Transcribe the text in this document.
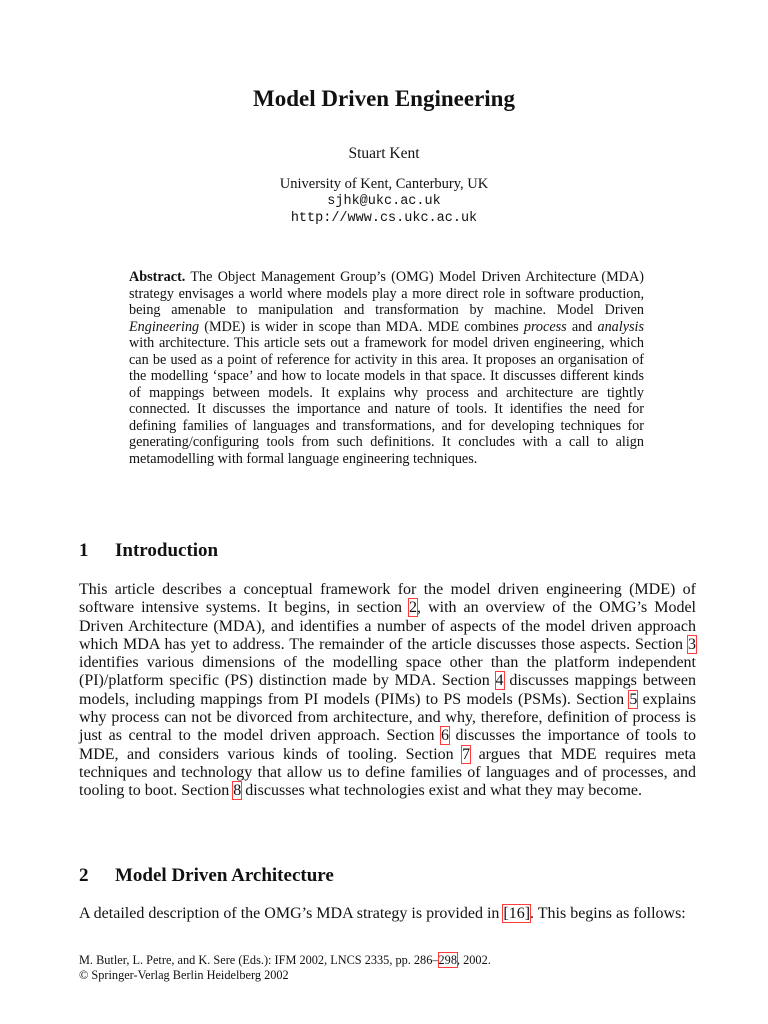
Model Driven Engineering

Stuart Kent

University of Kent, Canterbury, UK
sjhk@ukc.ac.uk
http://www.cs.ukc.ac.uk

Abstract. The Object Management Group’s (OMG) Model Driven Architecture (MDA) strategy envisages a world where models play a more direct role in software production, being amenable to manipulation and transformation by machine. Model Driven Engineering (MDE) is wider in scope than MDA. MDE combines process and analysis with architecture. This article sets out a framework for model driven engineering, which can be used as a point of reference for activity in this area. It proposes an organisation of the modelling ‘space’ and how to locate models in that space. It discusses different kinds of mappings between models. It explains why process and architecture are tightly connected. It discusses the importance and nature of tools. It identifies the need for defining families of languages and transformations, and for developing techniques for generating/configuring tools from such definitions. It concludes with a call to align metamodelling with formal language engineering techniques.

1 Introduction

This article describes a conceptual framework for the model driven engineering (MDE) of software intensive systems. It begins, in section 2, with an overview of the OMG’s Model Driven Architecture (MDA), and identifies a number of aspects of the model driven approach which MDA has yet to address. The remainder of the article discusses those aspects. Section 3 identifies various dimensions of the modelling space other than the platform independent (PI)/platform specific (PS) distinction made by MDA. Section 4 discusses mappings between models, including mappings from PI models (PIMs) to PS models (PSMs). Section 5 explains why process can not be divorced from architecture, and why, therefore, definition of process is just as central to the model driven approach. Section 6 discusses the importance of tools to MDE, and considers various kinds of tooling. Section 7 argues that MDE requires meta techniques and technology that allow us to define families of languages and of processes, and tooling to boot. Section 8 discusses what technologies exist and what they may become.

2 Model Driven Architecture

A detailed description of the OMG’s MDA strategy is provided in [16]. This begins as follows:

M. Butler, L. Petre, and K. Sere (Eds.): IFM 2002, LNCS 2335, pp. 286–298, 2002.
© Springer-Verlag Berlin Heidelberg 2002
